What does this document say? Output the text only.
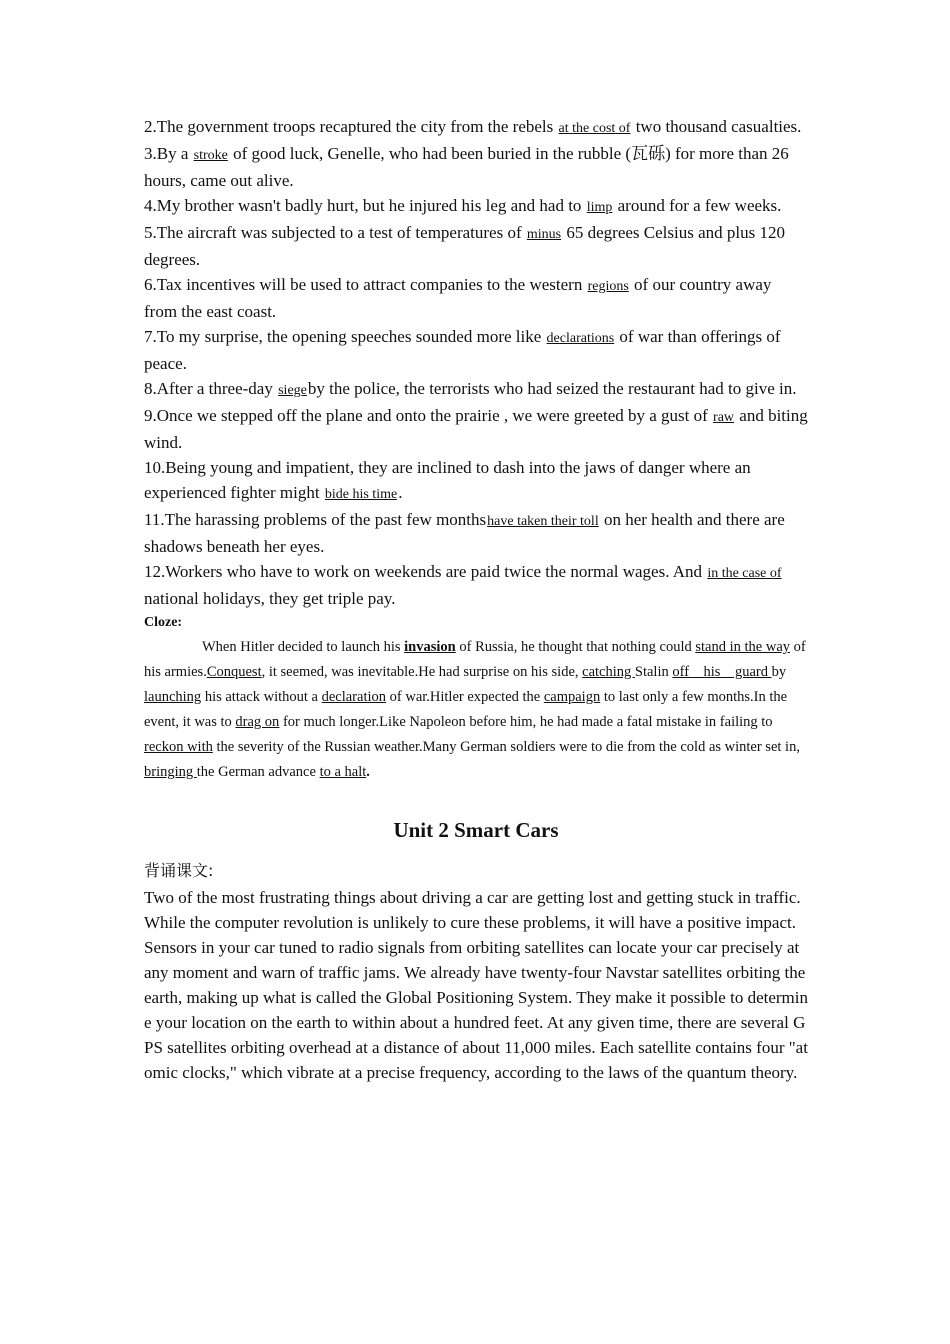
2.The government troops recaptured the city from the rebels at the cost of two thousand casualties.

3.By a stroke of good luck, Genelle, who had been buried in the rubble (瓦砾) for more than 26 hours, came out alive.

4.My brother wasn't badly hurt, but he injured his leg and had to limp around for a few weeks.

5.The aircraft was subjected to a test of temperatures of minus 65 degrees Celsius and plus 120 degrees.

6.Tax incentives will be used to attract companies to the western regions of our country away from the east coast.

7.To my surprise, the opening speeches sounded more like declarations of war than offerings of peace.

8.After a three-day siegeby the police, the terrorists who had seized the restaurant had to give in.

9.Once we stepped off the plane and onto the prairie , we were greeted by a gust of raw and biting wind.

10.Being young and impatient, they are inclined to dash into the jaws of danger where an experienced fighter might bide his time.

11.The harassing problems of the past few monthshave taken their toll on her health and there are shadows beneath her eyes.

12.Workers who have to work on weekends are paid twice the normal wages. And in the case ofnational holidays, they get triple pay.

Cloze:

When Hitler decided to launch his invasion of Russia, he thought that nothing could stand in the way of his armies.Conquest, it seemed, was inevitable.He had surprise on his side, catching Stalin off    his    guard by launching his attack without a declaration of war.Hitler expected the campaign to last only a few months.In the event, it was to drag on for much longer.Like Napoleon before him, he had made a fatal mistake in failing to reckon with the severity of the Russian weather.Many German soldiers were to die from the cold as winter set in, bringing the German advance to a halt.

Unit 2 Smart Cars
背诵课文:

Two of the most frustrating things about driving a car are getting lost and getting stuck in traffic. While the computer revolution is unlikely to cure these problems, it will have a positive impact. Sensors in your car tuned to radio signals from orbiting satellites can locate your car precisely at any moment and warn of traffic jams. We already have twenty-four Navstar satellites orbiting the earth, making up what is called the Global Positioning System. They make it possible to determine your location on the earth to within about a hundred feet. At any given time, there are several GPS satellites orbiting overhead at a distance of about 11,000 miles. Each satellite contains four "atomic clocks," which vibrate at a precise frequency, according to the laws of the quantum theory.
